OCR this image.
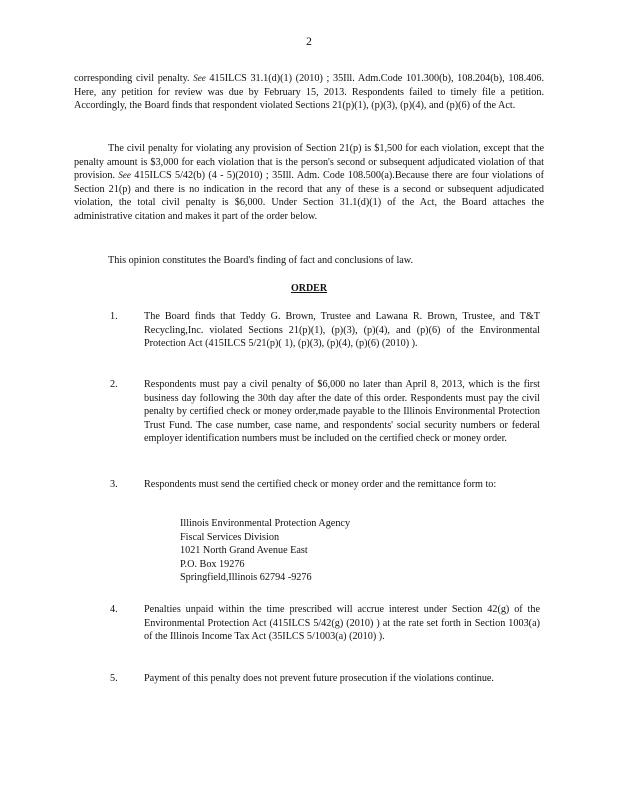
2

corresponding civil penalty. See 415ILCS 31.1(d)(1) (2010) ; 35Ill. Adm.Code 101.300(b), 108.204(b), 108.406. Here, any petition for review was due by February 15, 2013. Respondents failed to timely file a petition. Accordingly, the Board finds that respondent violated Sections 21(p)(1), (p)(3), (p)(4), and (p)(6) of the Act.

The civil penalty for violating any provision of Section 21(p) is $1,500 for each violation, except that the penalty amount is $3,000 for each violation that is the person's second or subsequent adjudicated violation of that provision. See 415ILCS 5/42(b) (4 - 5)(2010) ; 35Ill. Adm. Code 108.500(a).Because there are four violations of Section 21(p) and there is no indication in the record that any of these is a second or subsequent adjudicated violation, the total civil penalty is $6,000. Under Section 31.1(d)(1) of the Act, the Board attaches the administrative citation and makes it part of the order below.

This opinion constitutes the Board's finding of fact and conclusions of law.

ORDER
1.	The Board finds that Teddy G. Brown, Trustee and Lawana R. Brown, Trustee, and T&T Recycling,Inc. violated Sections 21(p)(1), (p)(3), (p)(4), and (p)(6) of the Environmental Protection Act (415ILCS 5/21(p)( 1), (p)(3), (p)(4), (p)(6) (2010) ).
2.	Respondents must pay a civil penalty of $6,000 no later than April 8, 2013, which is the first business day following the 30th day after the date of this order. Respondents must pay the civil penalty by certified check or money order,made payable to the Illinois Environmental Protection Trust Fund. The case number, case name, and respondents' social security numbers or federal employer identification numbers must be included on the certified check or money order.
3.	Respondents must send the certified check or money order and the remittance form to:
Illinois Environmental Protection Agency
Fiscal Services Division
1021 North Grand Avenue East
P.O. Box 19276
Springfield,Illinois 62794 -9276
4.	Penalties unpaid within the time prescribed will accrue interest under Section 42(g) of the Environmental Protection Act (415ILCS 5/42(g) (2010) ) at the rate set forth in Section 1003(a) of the Illinois Income Tax Act (35ILCS 5/1003(a) (2010) ).
5.	Payment of this penalty does not prevent future prosecution if the violations continue.
